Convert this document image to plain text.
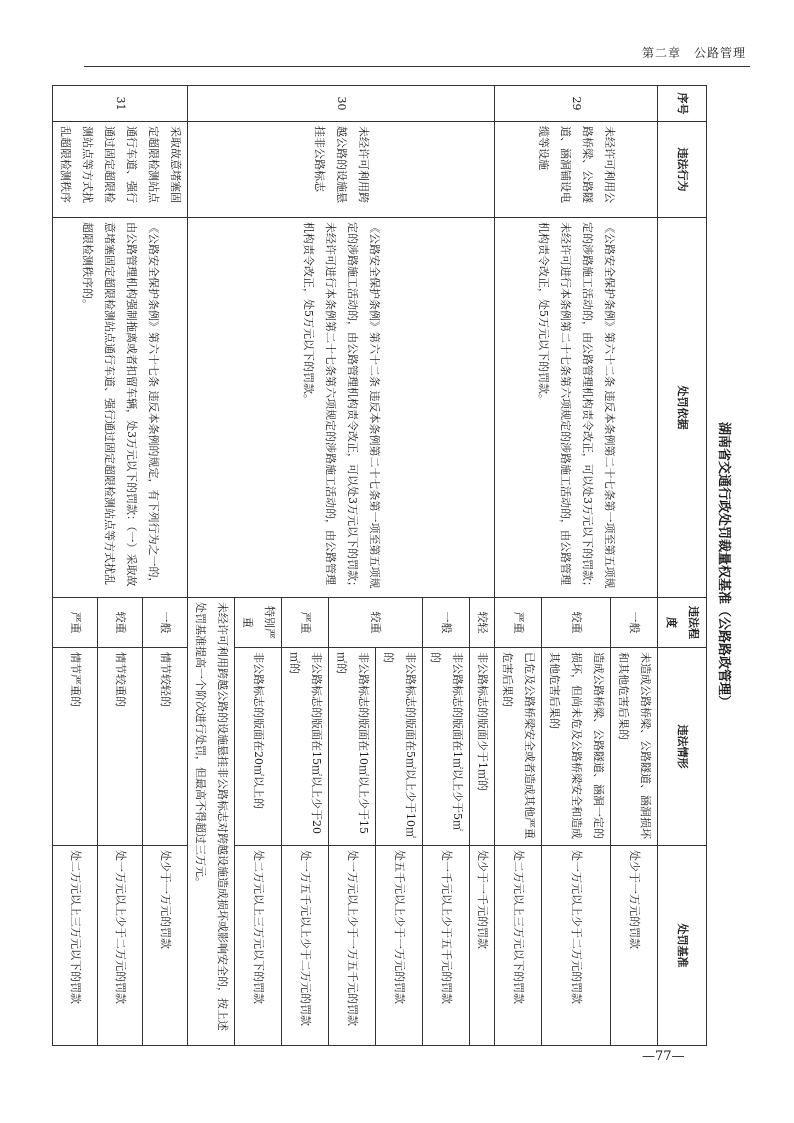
第二章　公路管理
湖南省交通行政处罚裁量权基准（公路路政管理）
序号	违法行为	处罚依据	违法程度	违法情形	处罚基准
29	未经许可利用公路桥梁、公路隧道、涵洞铺设电缆等设施	《公路安全保护条例》第六十二条 违反本条例第二十七条第一项至第五项规定的涉路施工活动的，由公路管理机构责令改正，可以处3万元以下的罚款；未经许可进行本条例第二十七条第六项规定的涉路施工活动的，由公路管理机构责令改正，处5万元以下的罚款。	一般	未造成公路桥梁、公路隧道、涵洞损坏和其他危害后果的	处少于一万元的罚款
			较重	造成公路桥梁、公路隧道、涵洞一定的损坏，但尚未危及公路桥梁安全和造成其他危害后果的	处一万元以上少于二万元的罚款
			严重	已危及公路桥梁安全或者造成其他严重危害后果的	处二万元以上三万元以下的罚款
30	未经许可利用跨越公路的设施悬挂非公路标志	《公路安全保护条例》第六十二条 违反本条例第二十七条第一项至第五项规定的涉路施工活动的，由公路管理机构责令改正，可以处3万元以下的罚款；未经许可进行本条例第二十七条第六项规定的涉路施工活动的，由公路管理机构责令改正，处5万元以下的罚款。	较轻	非公路标志的版面少于1㎡的	处少于一千元的罚款
			一般	非公路标志的版面在1㎡以上少于5㎡的	处一千元以上少于五千元的罚款
			较重	非公路标志的版面在5㎡以上少于10㎡的	处五千元以上少于一万元的罚款
				非公路标志的版面在10㎡以上少于15㎡的	处一万元以上少于一万五千元的罚款
			严重	非公路标志的版面在15㎡以上少于20㎡的	处一万五千元以上少于二万元的罚款
			特别严重	非公路标志的版面在20㎡以上的	处二万元以上三万元以下的罚款
			未经许可利用跨越公路的设施悬挂非公路标志对跨越设施造成损坏或影响安全的，按上述处罚基准提高一个阶次进行处罚，但最高不得超过三万元。		
31	采取故意堵塞固定超限检测站点通行车道、强行通过固定超限检测站点等方式扰乱超限检测秩序	《公路安全保护条例》第六十七条 违反本条例的规定，有下列行为之一的，由公路管理机构强制拖离或者扣留车辆，处3万元以下的罚款：（一）采取故意堵塞固定超限检测站点通行车道、强行通过固定超限检测站点等方式扰乱超限检测秩序的。	一般	情节较轻的	处少于一万元的罚款
			较重	情节较重的	处一万元以上少于二万元的罚款
			严重	情节严重的	处二万元以上三万元以下的罚款
—77—
